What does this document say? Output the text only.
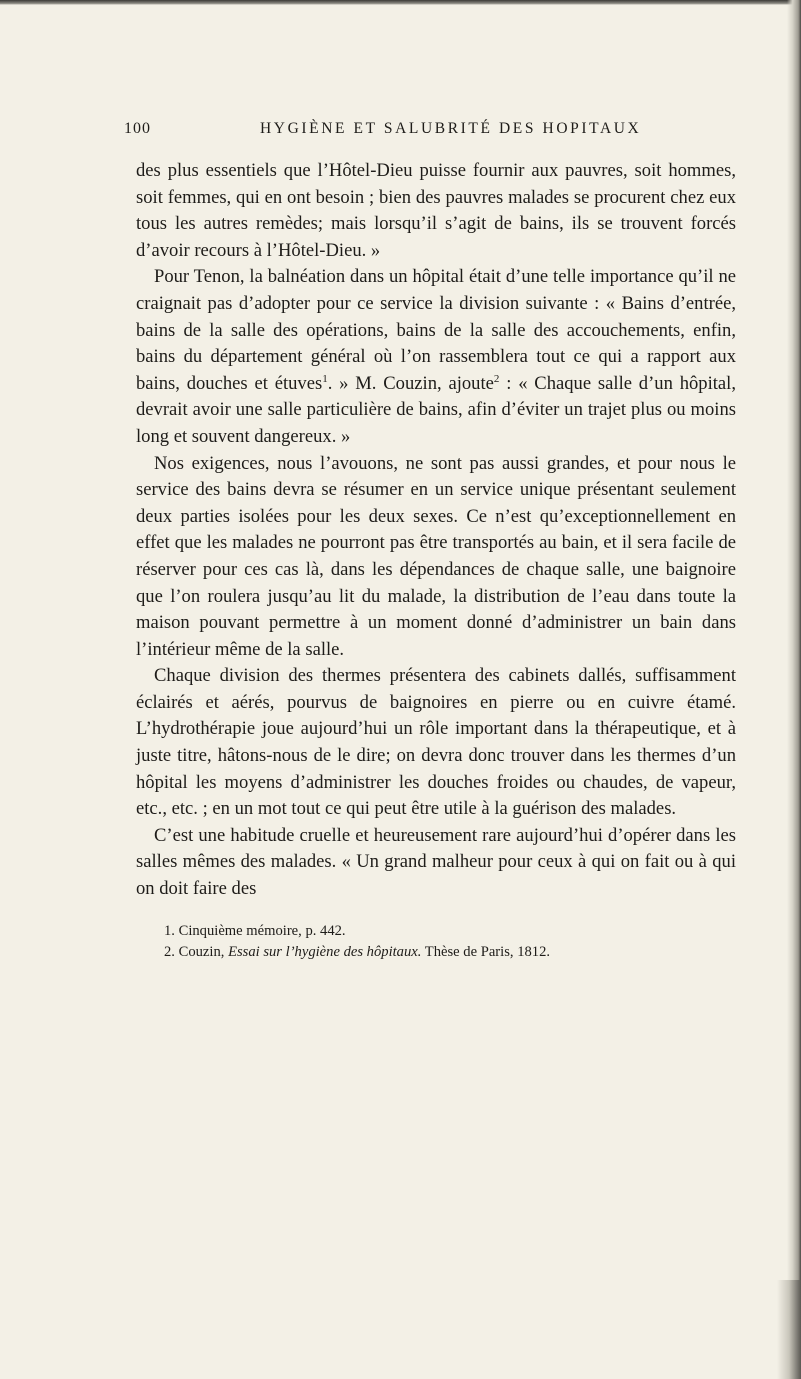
100	HYGIÈNE ET SALUBRITÉ DES HOPITAUX

des plus essentiels que l’Hôtel-Dieu puisse fournir aux pauvres, soit hommes, soit femmes, qui en ont besoin ; bien des pauvres malades se procurent chez eux tous les autres remèdes; mais lorsqu’il s’agit de bains, ils se trouvent forcés d’avoir recours à l’Hôtel-Dieu. »

Pour Tenon, la balnéation dans un hôpital était d’une telle importance qu’il ne craignait pas d’adopter pour ce service la division suivante : « Bains d’entrée, bains de la salle des opérations, bains de la salle des accouchements, enfin, bains du département général où l’on rassemblera tout ce qui a rapport aux bains, douches et étuves$^1$. » M. Couzin, ajoute$^2$ : « Chaque salle d’un hôpital, devrait avoir une salle particulière de bains, afin d’éviter un trajet plus ou moins long et souvent dangereux. »

Nos exigences, nous l’avouons, ne sont pas aussi grandes, et pour nous le service des bains devra se résumer en un service unique présentant seulement deux parties isolées pour les deux sexes. Ce n’est qu’exceptionnellement en effet que les malades ne pourront pas être transportés au bain, et il sera facile de réserver pour ces cas là, dans les dépendances de chaque salle, une baignoire que l’on roulera jusqu’au lit du malade, la distribution de l’eau dans toute la maison pouvant permettre à un moment donné d’administrer un bain dans l’intérieur même de la salle.

Chaque division des thermes présentera des cabinets dallés, suffisamment éclairés et aérés, pourvus de baignoires en pierre ou en cuivre étamé. L’hydrothérapie joue aujourd’hui un rôle important dans la thérapeutique, et à juste titre, hâtons-nous de le dire; on devra donc trouver dans les thermes d’un hôpital les moyens d’administrer les douches froides ou chaudes, de vapeur, etc., etc. ; en un mot tout ce qui peut être utile à la guérison des malades.

C’est une habitude cruelle et heureusement rare aujourd’hui d’opérer dans les salles mêmes des malades. « Un grand malheur pour ceux à qui on fait ou à qui on doit faire des

1. Cinquième mémoire, p. 442.
2. Couzin, Essai sur l’hygiène des hôpitaux. Thèse de Paris, 1812.
